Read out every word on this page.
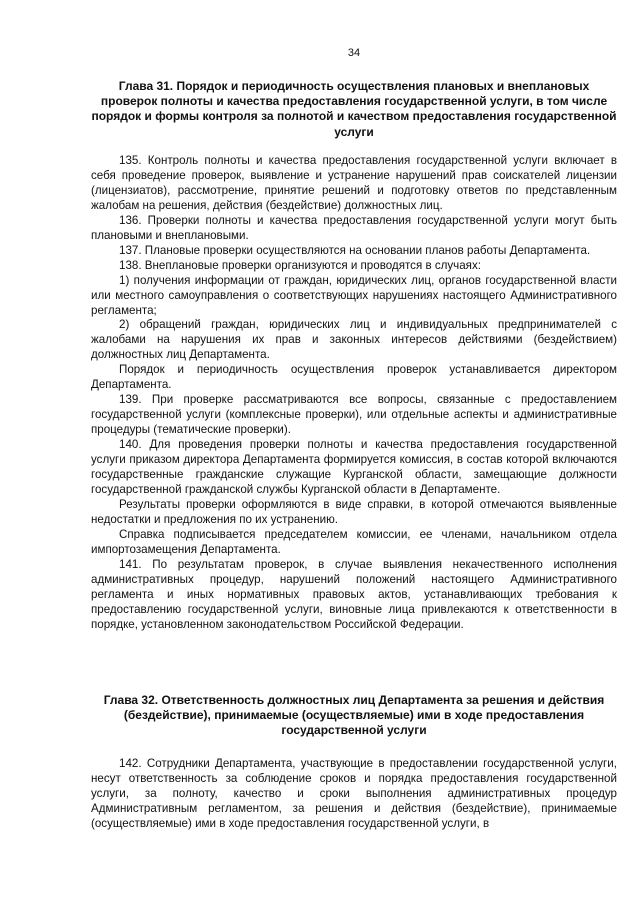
34
Глава 31. Порядок и периодичность осуществления плановых и внеплановых проверок полноты и качества предоставления государственной услуги, в том числе порядок и формы контроля за полнотой и качеством предоставления государственной услуги

135. Контроль полноты и качества предоставления государственной услуги включает в себя проведение проверок, выявление и устранение нарушений прав соискателей лицензии (лицензиатов), рассмотрение, принятие решений и подготовку ответов по представленным жалобам на решения, действия (бездействие) должностных лиц.

136. Проверки полноты и качества предоставления государственной услуги могут быть плановыми и внеплановыми.

137. Плановые проверки осуществляются на основании планов работы Департамента.

138. Внеплановые проверки организуются и проводятся в случаях:

1) получения информации от граждан, юридических лиц, органов государственной власти или местного самоуправления о соответствующих нарушениях настоящего Административного регламента;

2) обращений граждан, юридических лиц и индивидуальных предпринимателей с жалобами на нарушения их прав и законных интересов действиями (бездействием) должностных лиц Департамента.

Порядок и периодичность осуществления проверок устанавливается директором Департамента.

139. При проверке рассматриваются все вопросы, связанные с предоставлением государственной услуги (комплексные проверки), или отдельные аспекты и административные процедуры (тематические проверки).

140. Для проведения проверки полноты и качества предоставления государственной услуги приказом директора Департамента формируется комиссия, в состав которой включаются государственные гражданские служащие Курганской области, замещающие должности государственной гражданской службы Курганской области в Департаменте.

Результаты проверки оформляются в виде справки, в которой отмечаются выявленные недостатки и предложения по их устранению.

Справка подписывается председателем комиссии, ее членами, начальником отдела импортозамещения Департамента.

141. По результатам проверок, в случае выявления некачественного исполнения административных процедур, нарушений положений настоящего Административного регламента и иных нормативных правовых актов, устанавливающих требования к предоставлению государственной услуги, виновные лица привлекаются к ответственности в порядке, установленном законодательством Российской Федерации.

Глава 32. Ответственность должностных лиц Департамента за решения и действия (бездействие), принимаемые (осуществляемые) ими в ходе предоставления государственной услуги

142. Сотрудники Департамента, участвующие в предоставлении государственной услуги, несут ответственность за соблюдение сроков и порядка предоставления государственной услуги, за полноту, качество и сроки выполнения административных процедур Административным регламентом, за решения и действия (бездействие), принимаемые (осуществляемые) ими в ходе предоставления государственной услуги, в
